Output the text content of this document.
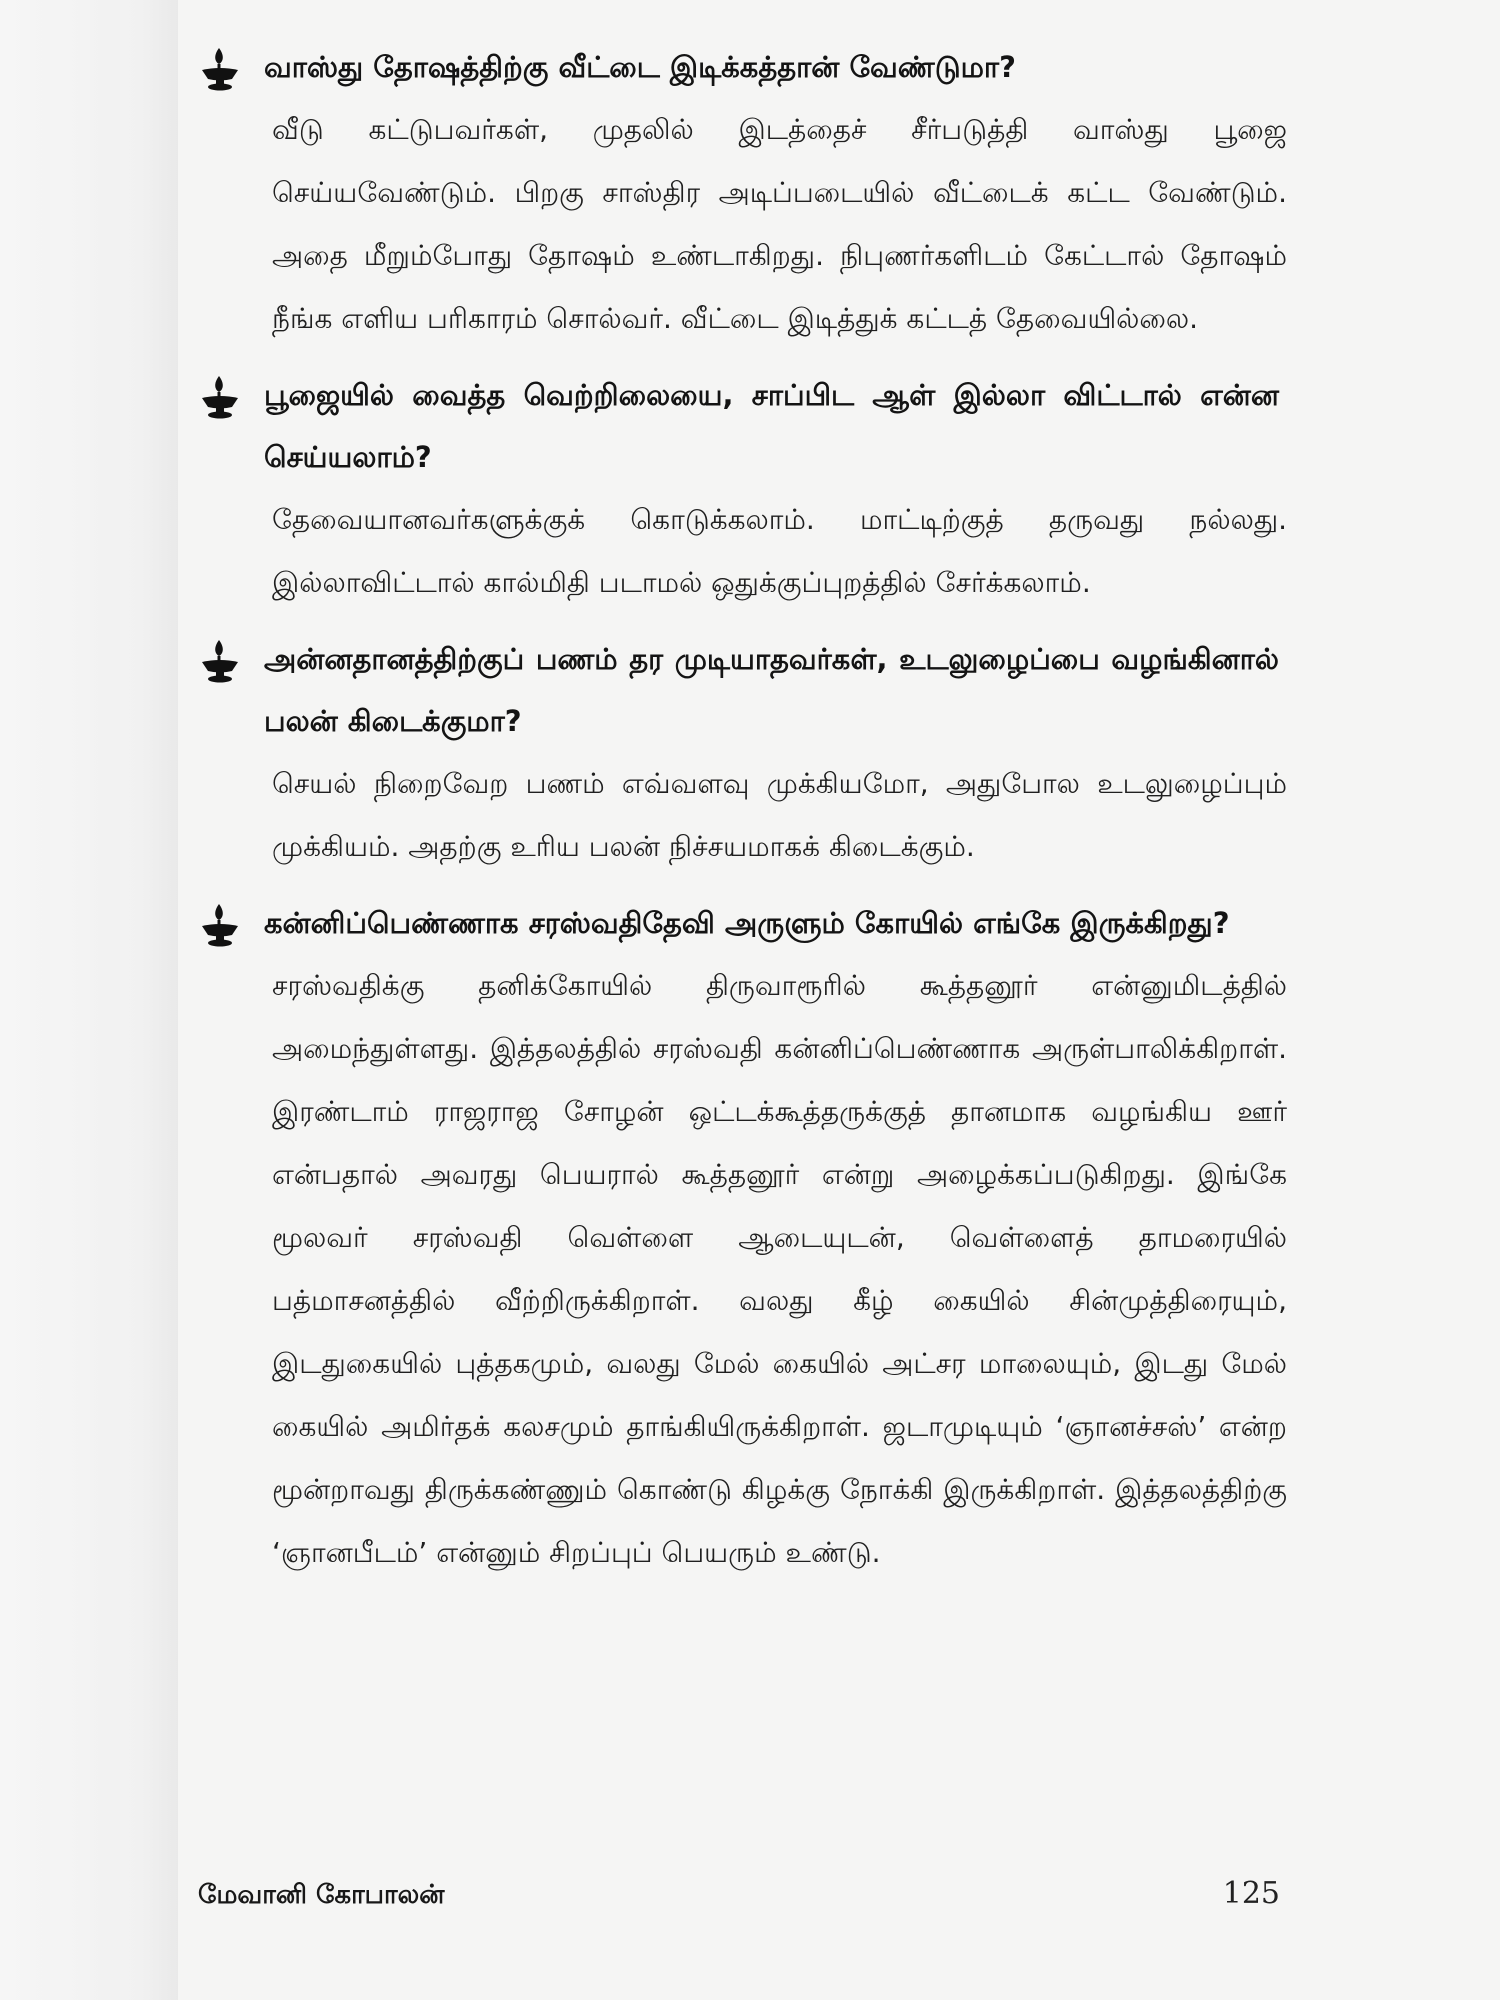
வாஸ்து தோஷத்திற்கு வீட்டை இடிக்கத்தான் வேண்டுமா?
வீடு கட்டுபவர்கள், முதலில் இடத்தைச் சீர்படுத்தி வாஸ்து பூஜை செய்யவேண்டும். பிறகு சாஸ்திர அடிப்படையில் வீட்டைக் கட்ட வேண்டும். அதை மீறும்போது தோஷம் உண்டாகிறது. நிபுணர்களிடம் கேட்டால் தோஷம் நீங்க எளிய பரிகாரம் சொல்வர். வீட்டை இடித்துக் கட்டத் தேவையில்லை.
பூஜையில் வைத்த வெற்றிலையை, சாப்பிட ஆள் இல்லா விட்டால் என்ன செய்யலாம்?
தேவையானவர்களுக்குக் கொடுக்கலாம். மாட்டிற்குத் தருவது நல்லது. இல்லாவிட்டால் கால்மிதி படாமல் ஒதுக்குப்புறத்தில் சேர்க்கலாம்.
அன்னதானத்திற்குப் பணம் தர முடியாதவர்கள், உடலுழைப்பை வழங்கினால் பலன் கிடைக்குமா?
செயல் நிறைவேற பணம் எவ்வளவு முக்கியமோ, அதுபோல உடலுழைப்பும் முக்கியம். அதற்கு உரிய பலன் நிச்சயமாகக் கிடைக்கும்.
கன்னிப்பெண்ணாக சரஸ்வதிதேவி அருளும் கோயில் எங்கே இருக்கிறது?
சரஸ்வதிக்கு தனிக்கோயில் திருவாரூரில் கூத்தனூர் என்னுமிடத்தில் அமைந்துள்ளது. இத்தலத்தில் சரஸ்வதி கன்னிப்பெண்ணாக அருள்பாலிக்கிறாள். இரண்டாம் ராஜராஜ சோழன் ஒட்டக்கூத்தருக்குத் தானமாக வழங்கிய ஊர் என்பதால் அவரது பெயரால் கூத்தனூர் என்று அழைக்கப்படுகிறது. இங்கே மூலவர் சரஸ்வதி வெள்ளை ஆடையுடன், வெள்ளைத் தாமரையில் பத்மாசனத்தில் வீற்றிருக்கிறாள். வலது கீழ் கையில் சின்முத்திரையும், இடதுகையில் புத்தகமும், வலது மேல் கையில் அட்சர மாலையும், இடது மேல் கையில் அமிர்தக் கலசமும் தாங்கியிருக்கிறாள். ஜடாமுடியும் ‘ஞானச்சஸ்’ என்ற மூன்றாவது திருக்கண்ணும் கொண்டு கிழக்கு நோக்கி இருக்கிறாள். இத்தலத்திற்கு ‘ஞானபீடம்’ என்னும் சிறப்புப் பெயரும் உண்டு.
மேவானி கோபாலன்	125
